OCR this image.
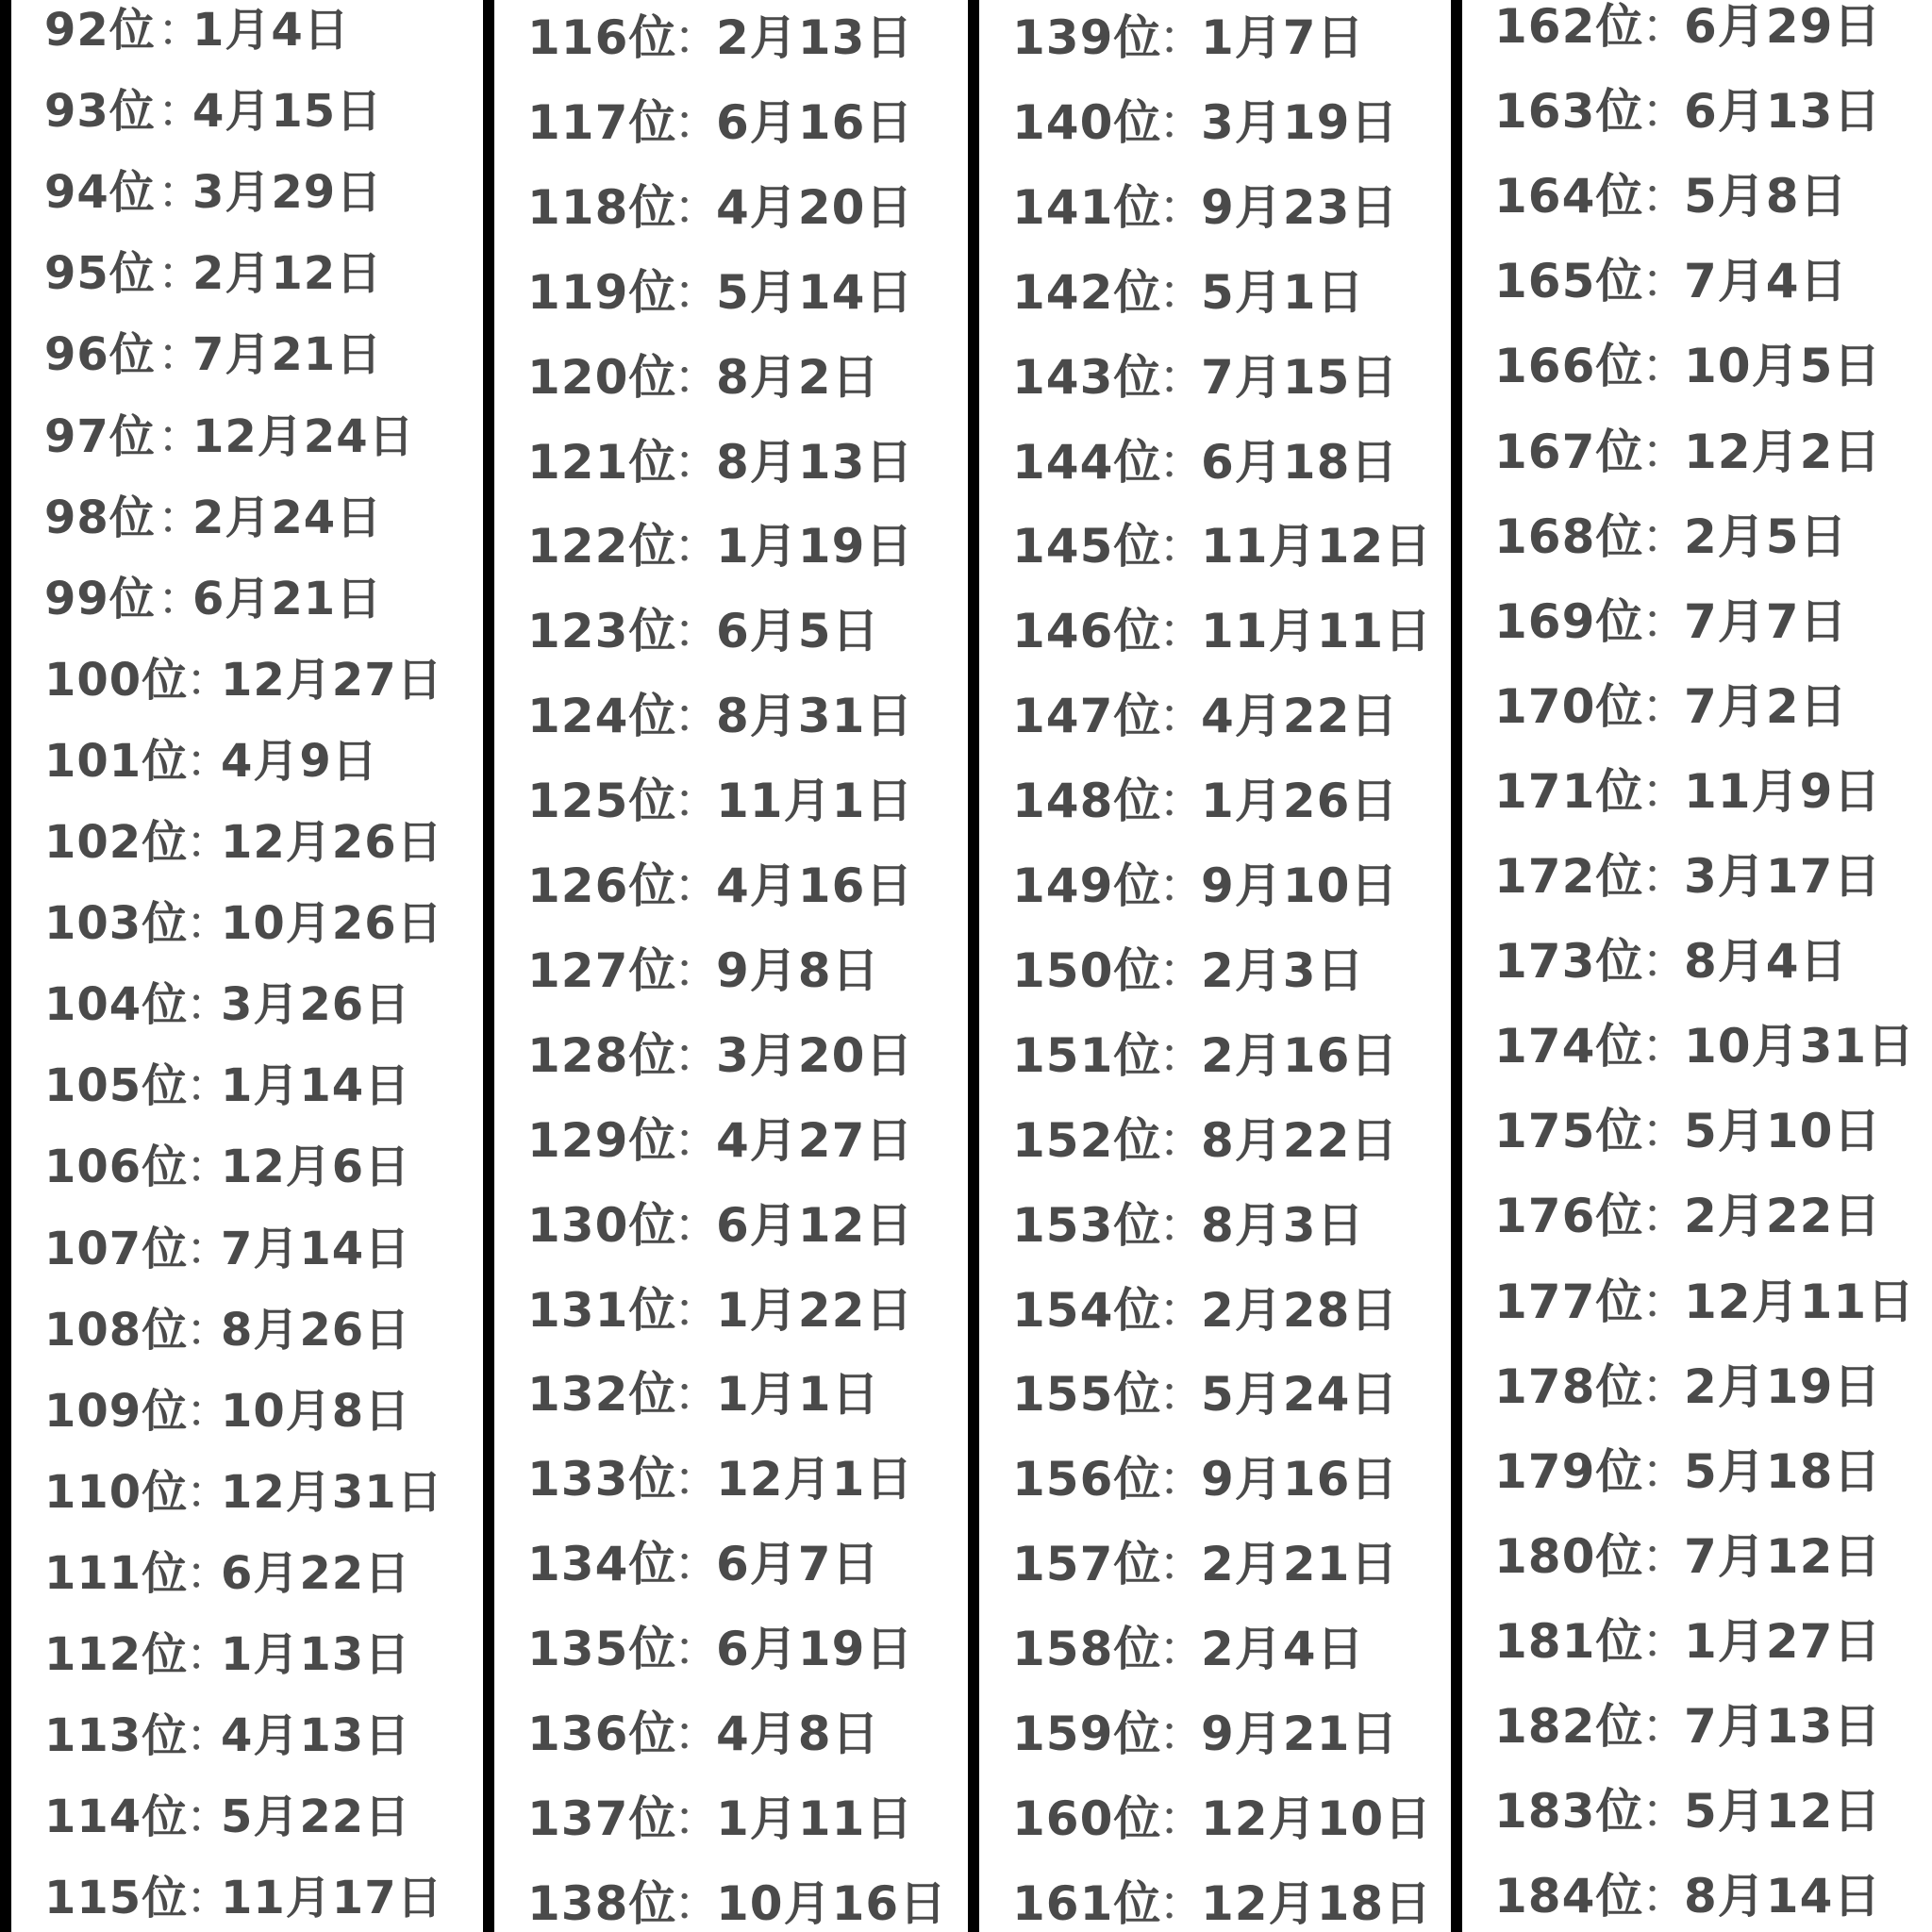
92位 ：
1月4日
93位 ：
4月15日
94位 ：
3月29日
95位 ：
2月12日
96位 ：
7月21日
97位 ：
12月24日
98位 ：
2月24日
99位 ：
6月21日
100位
：
12月27日
101位
：
4月9日
102位
：
12月26日
103位
：
10月26日
104位
：
3月26日
105位
：
1月14日
106位
：
12月6日
107位
：
7月14日
108位
：
8月26日
109位
：
10月8日
110位
：
12月31日
111位
：
6月22日
112位
：
1月13日
113位
：
4月13日
114位
：
5月22日
115位
：
11月17日
116位
：
2月13日
117位
：
6月16日
118位
：
4月20日
119位
：
5月14日
120位
：
8月2日
121位
：
8月13日
122位
：
1月19日
123位
：
6月5日
124位
：
8月31日
125位
：
11月1日
126位
：
4月16日
127位
：
9月8日
128位
：
3月20日
129位
：
4月27日
130位
：
6月12日
131位
：
1月22日
132位
：
1月1日
133位
：
12月1日
134位
：
6月7日
135位
：
6月19日
136位
：
4月8日
137位
：
1月11日
138位
：
10月16日
139位
：
1月7日
140位
：
3月19日
141位
：
9月23日
142位
：
5月1日
143位
：
7月15日
144位
：
6月18日
145位
：
11月12日
146位
：
11月11日
147位
：
4月22日
148位
：
1月26日
149位
：
9月10日
150位
：
2月3日
151位
：
2月16日
152位
：
8月22日
153位
：
8月3日
154位
：
2月28日
155位
：
5月24日
156位
：
9月16日
157位
：
2月21日
158位
：
2月4日
159位
：
9月21日
160位
：
12月10日
161位
：
12月18日
162位
：
6月29日
163位
：
6月13日
164位
：
5月8日
165位
：
7月4日
166位
：
10月5日
167位
：
12月2日
168位
：
2月5日
169位
：
7月7日
170位
：
7月2日
171位
：
11月9日
172位
：
3月17日
173位
：
8月4日
174位
：
10月31日
175位
：
5月10日
176位
：
2月22日
177位
：
12月11日
178位
：
2月19日
179位
：
5月18日
180位
：
7月12日
181位
：
1月27日
182位
：
7月13日
183位
：
5月12日
184位
：
8月14日
